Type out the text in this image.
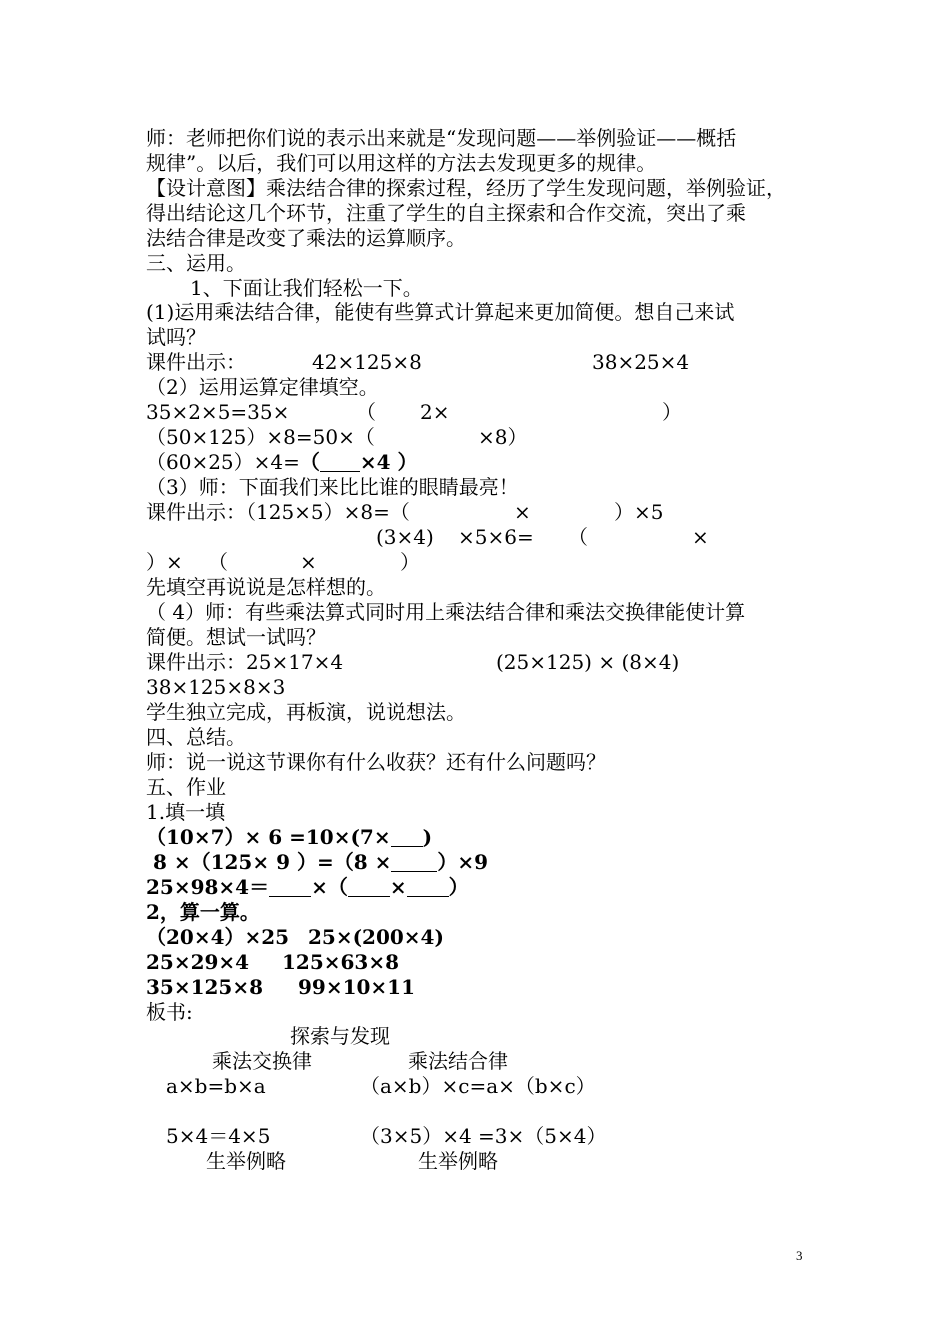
师：老师把你们说的表示出来就是“发现问题——举例验证——概括
规律”。以后，我们可以用这样的方法去发现更多的规律。
【设计意图】乘法结合律的探索过程，经历了学生发现问题，举例验证，
得出结论这几个环节，注重了学生的自主探索和合作交流，突出了乘
法结合律是改变了乘法的运算顺序。
三、运用。
1、下面让我们轻松一下。
(1)运用乘法结合律，能使有些算式计算起来更加简便。想自己来试
试吗？
课件出示：	42×125×8	38×25×4
（2）运用运算定律填空。
35×2×5=35×	（ 2×	）
（50×125）×8=50×（	×8）
（60×25）×4=（ ×4 ）
（3）师：下面我们来比比谁的眼睛最亮！
课件出示：（125×5）×8=（	×	）×5
(3×4) ×5×6= （	×
）× （	×	）
先填空再说说是怎样想的。
（ 4）师：有些乘法算式同时用上乘法结合律和乘法交换律能使计算
简便。想试一试吗？
课件出示：25×17×4	(25×125) × (8×4)
38×125×8×3
学生独立完成，再板演，说说想法。
四、总结。
师：说一说这节课你有什么收获？还有什么问题吗？
五、作业
1.填一填
（10×7）× 6 =10×(7× )
8 ×（125× 9 ）=（8 × ）×9
25×98×4＝ ×（ × ）
2，算一算。
（20×4）×25 25×(200×4)
25×29×4 125×63×8
35×125×8 99×10×11
板书:
探索与发现
乘法交换律	乘法结合律
a×b=b×a	（a×b）×c=a×（b×c）
5×4＝4×5	（3×5）×4 =3×（5×4）
生举例略	生举例略
3
